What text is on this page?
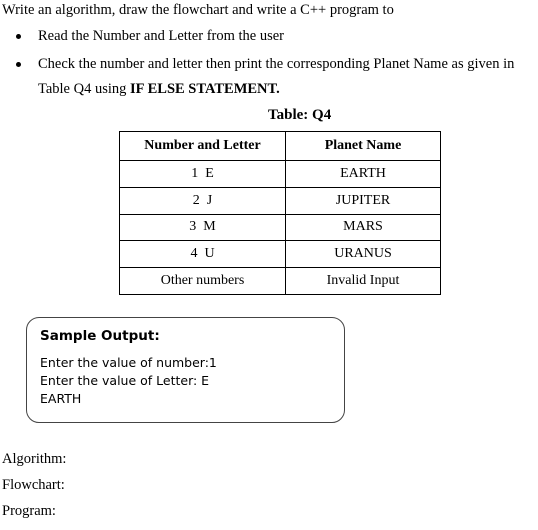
Write an algorithm, draw the flowchart and write a C++ program to
Read the Number and Letter from the user
Check the number and letter then print the corresponding Planet Name as given in
Table Q4 using IF ELSE STATEMENT.
Table: Q4
Number and Letter	Planet Name
1  E	EARTH
2  J	JUPITER
3  M	MARS
4  U	URANUS
Other numbers	Invalid Input
Sample Output:
Enter the value of number:1
Enter the value of Letter: E
EARTH
Algorithm:
Flowchart:
Program:
